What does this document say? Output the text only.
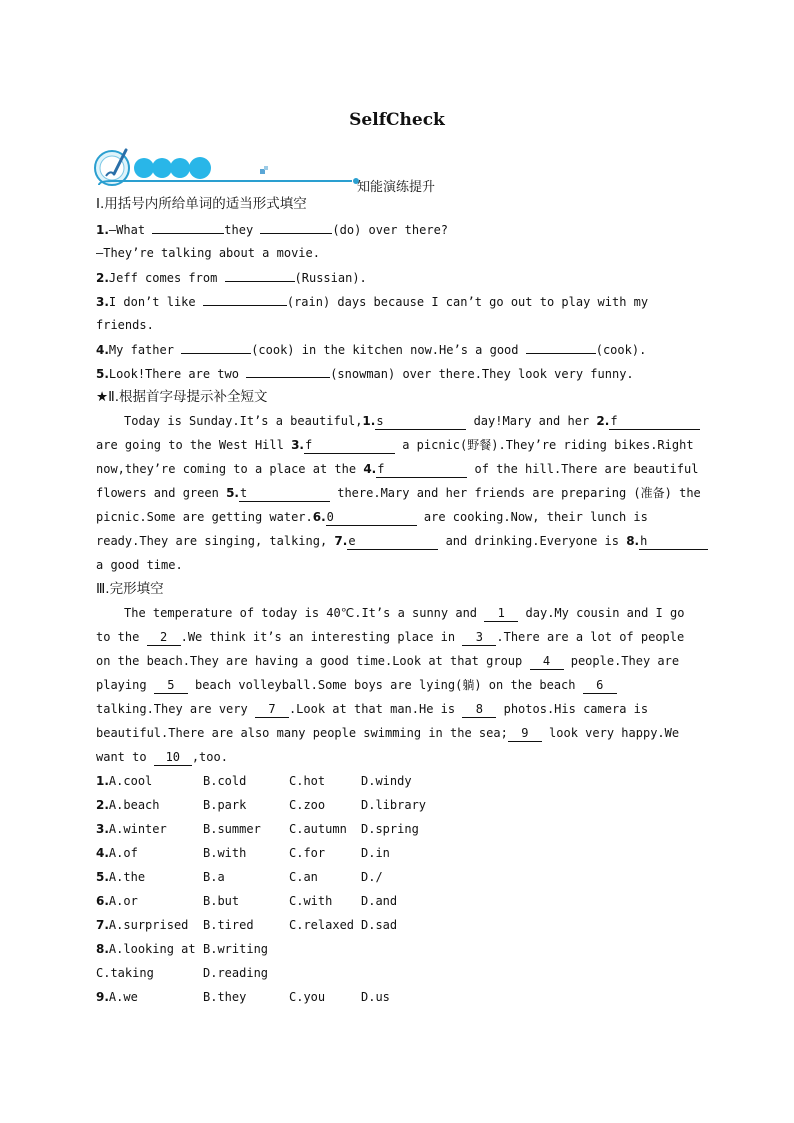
SelfCheck
知能演练提升
Ⅰ.用括号内所给单词的适当形式填空
1.—What	they	(do) over there?
—They’re talking about a movie.
2.Jeff comes from	(Russian).
3.I don’t like	(rain) days because I can’t go out to play with my
friends.
4.My father	(cook) in the kitchen now.He’s a good	(cook).
5.Look!There are two	(snowman) over there.They look very funny.
★Ⅱ.根据首字母提示补全短文
Today is Sunday.It’s a beautiful,1.s	day!Mary and her 2.f
are going to the West Hill 3.f	a picnic(野餐).They’re riding bikes.Right
now,they’re coming to a place at the 4.f	of the hill.There are beautiful
flowers and green 5.t	there.Mary and her friends are preparing (准备) the
picnic.Some are getting water.6.0	are cooking.Now, their lunch is
ready.They are singing, talking, 7.e	and drinking.Everyone is 8.h
a good time.
Ⅲ.完形填空
The temperature of today is 40℃.It’s a sunny and 1 day.My cousin and I go
to the 2 .We think it’s an interesting place in 3 .There are a lot of people
on the beach.They are having a good time.Look at that group 4 people.They are
playing 5 beach volleyball.Some boys are lying(躺) on the beach 6
talking.They are very 7 .Look at that man.He is 8 photos.His camera is
beautiful.There are also many people swimming in the sea; 9 look very happy.We
want to 10 ,too.
1.A.cool	B.cold	C.hot	D.windy
2.A.beach	B.park	C.zoo	D.library
3.A.winter	B.summer C.autumn D.spring
4.A.of	B.with	C.for	D.in
5.A.the	B.a	C.an	D./
6.A.or	B.but	C.with D.and
7.A.surprised B.tired	C.relaxed D.sad
8.A.looking at B.writing
C.taking	D.reading
9.A.we	B.they	C.you	D.us
